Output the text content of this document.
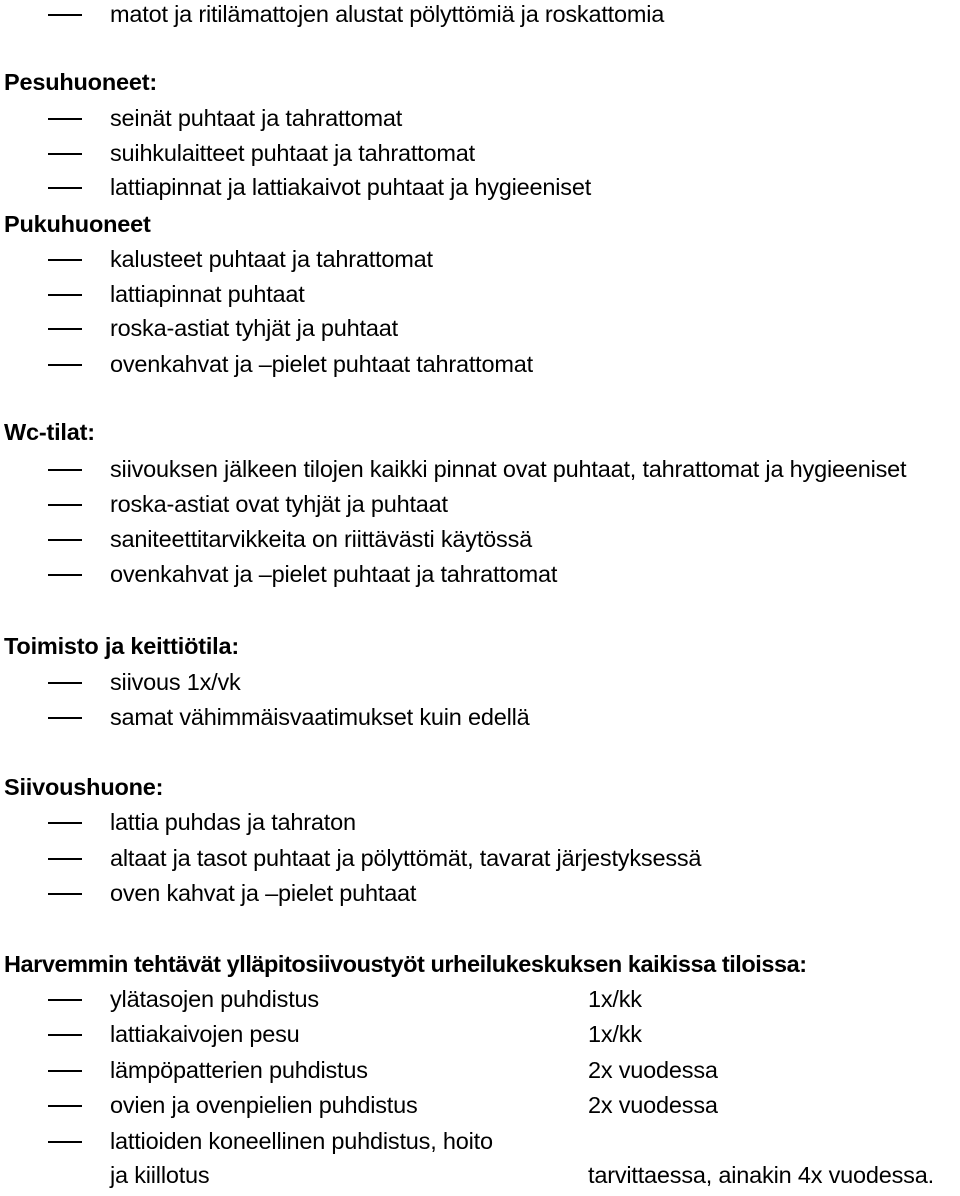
matot ja ritilämattojen alustat pölyttömiä ja roskattomia
Pesuhuoneet:
seinät puhtaat ja tahrattomat
suihkulaitteet puhtaat ja tahrattomat
lattiapinnat ja lattiakaivot puhtaat ja hygieeniset
Pukuhuoneet
kalusteet puhtaat ja tahrattomat
lattiapinnat puhtaat
roska-astiat tyhjät ja puhtaat
ovenkahvat ja –pielet puhtaat tahrattomat
Wc-tilat:
siivouksen jälkeen tilojen kaikki pinnat ovat puhtaat, tahrattomat ja hygieeniset
roska-astiat ovat tyhjät ja puhtaat
saniteettitarvikkeita on riittävästi käytössä
ovenkahvat ja –pielet puhtaat ja tahrattomat
Toimisto ja keittiötila:
siivous 1x/vk
samat vähimmäisvaatimukset kuin edellä
Siivoushuone:
lattia puhdas ja tahraton
altaat ja tasot puhtaat ja pölyttömät, tavarat järjestyksessä
oven kahvat ja –pielet puhtaat
Harvemmin tehtävät ylläpitosiivoustyöt urheilukeskuksen kaikissa tiloissa:
ylätasojen puhdistus	1x/kk
lattiakaivojen pesu	1x/kk
lämpöpatterien puhdistus	2x vuodessa
ovien ja ovenpielien puhdistus	2x vuodessa
lattioiden koneellinen puhdistus, hoito
ja kiillotus	tarvittaessa, ainakin 4x vuodessa.
